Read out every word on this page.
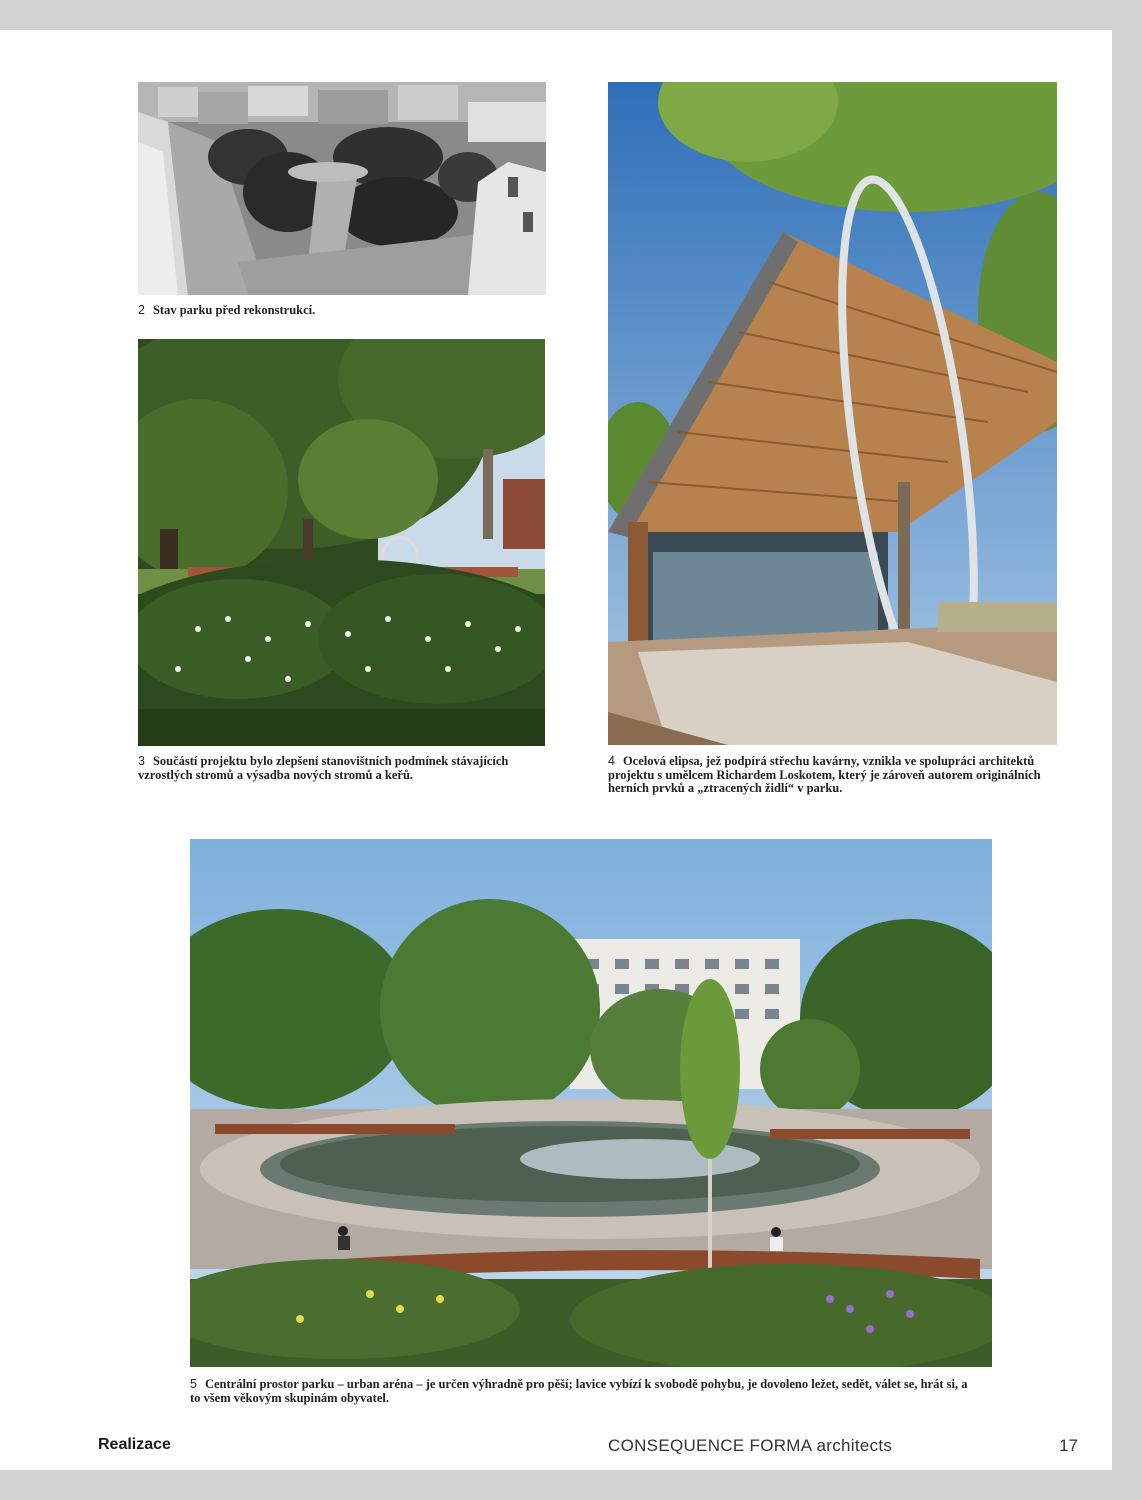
2 Stav parku před rekonstrukcí.
3 Součástí projektu bylo zlepšení stanovištních podmínek stávajících vzrostlých stromů a výsadba nových stromů a keřů.
4 Ocelová elipsa, jež podpírá střechu kavárny, vznikla ve spolupráci architektů projektu s umělcem Richardem Loskotem, který je zároveň autorem originálních herních prvků a „ztracených židlí“ v parku.
5 Centrální prostor parku – urban aréna – je určen výhradně pro pěší; lavice vybízí k svobodě pohybu, je dovoleno ležet, sedět, válet se, hrát si, a to všem věkovým skupinám obyvatel.
Realizace	CONSEQUENCE FORMA architects	17
